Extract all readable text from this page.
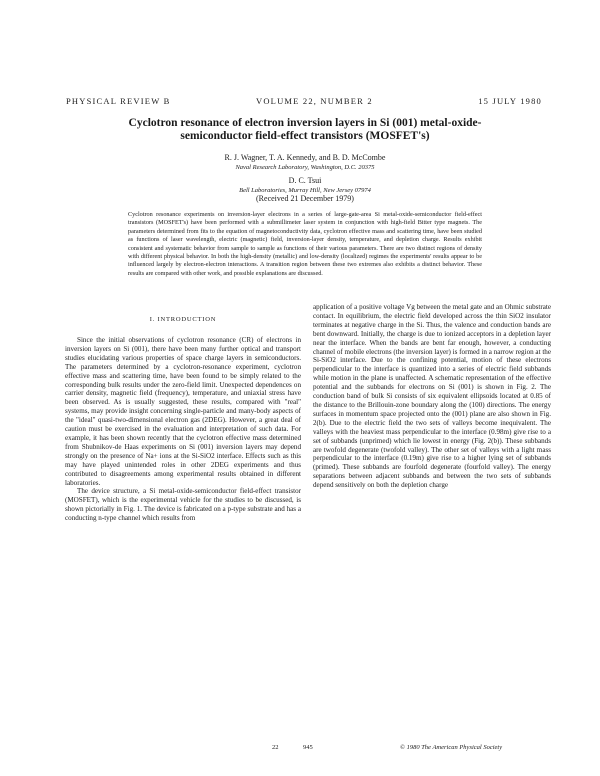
PHYSICAL REVIEW B	VOLUME 22, NUMBER 2	15 JULY 1980
Cyclotron resonance of electron inversion layers in Si (001) metal-oxide-semiconductor field-effect transistors (MOSFET's)
R. J. Wagner, T. A. Kennedy, and B. D. McCombe
Naval Research Laboratory, Washington, D.C. 20375
D. C. Tsui
Bell Laboratories, Murray Hill, New Jersey 07974
(Received 21 December 1979)
Cyclotron resonance experiments on inversion-layer electrons in a series of large-gate-area Si metal-oxide-semiconductor field-effect transistors (MOSFET's) have been performed with a submillimeter laser system in conjunction with high-field Bitter type magnets. The parameters determined from fits to the equation of magnetoconductivity data, cyclotron effective mass and scattering time, have been studied as functions of laser wavelength, electric (magnetic) field, inversion-layer density, temperature, and depletion charge. Results exhibit consistent and systematic behavior from sample to sample as functions of their various parameters. There are two distinct regions of density with different physical behavior. In both the high-density (metallic) and low-density (localized) regimes the experiments' results appear to be influenced largely by electron-electron interactions. A transition region between these two extremes also exhibits a distinct behavior. These results are compared with other work, and possible explanations are discussed.
I. INTRODUCTION

Since the initial observations of cyclotron resonance (CR) of electrons in inversion layers on Si (001), there have been many further optical and transport studies elucidating various properties of space charge layers in semiconductors. The parameters determined by a cyclotron-resonance experiment, cyclotron effective mass and scattering time, have been found to be simply related to the corresponding bulk results under the zero-field limit. Unexpected dependences on carrier density, magnetic field (frequency), temperature, and uniaxial stress have been observed. As is usually suggested, these results, compared with "real" systems, may provide insight concerning single-particle and many-body aspects of the "ideal" quasi-two-dimensional electron gas (2DEG). However, a great deal of caution must be exercised in the evaluation and interpretation of such data. For example, it has been shown recently that the cyclotron effective mass determined from Shubnikov-de Haas experiments on Si (001) inversion layers may depend strongly on the presence of Na+ ions at the Si-SiO2 interface. Effects such as this may have played unintended roles in other 2DEG experiments and thus contributed to disagreements among experimental results obtained in different laboratories.

The device structure, a Si metal-oxide-semiconductor field-effect transistor (MOSFET), which is the experimental vehicle for the studies to be discussed, is shown pictorially in Fig. 1. The device is fabricated on a p-type substrate and has a conducting n-type channel which results from

application of a positive voltage Vg between the metal gate and an Ohmic substrate contact. In equilibrium, the electric field developed across the thin SiO2 insulator terminates at negative charge in the Si. Thus, the valence and conduction bands are bent downward. Initially, the charge is due to ionized acceptors in a depletion layer near the interface. When the bands are bent far enough, however, a conducting channel of mobile electrons (the inversion layer) is formed in a narrow region at the Si-SiO2 interface. Due to the confining potential, motion of these electrons perpendicular to the interface is quantized into a series of electric field subbands while motion in the plane is unaffected. A schematic representation of the effective potential and the subbands for electrons on Si (001) is shown in Fig. 2. The conduction band of bulk Si consists of six equivalent ellipsoids located at 0.85 of the distance to the Brillouin-zone boundary along the (100) directions. The energy surfaces in momentum space projected onto the (001) plane are also shown in Fig. 2(b). Due to the electric field the two sets of valleys become inequivalent. The valleys with the heaviest mass perpendicular to the interface (0.98m) give rise to a set of subbands (unprimed) which lie lowest in energy (Fig. 2(b)). These subbands are twofold degenerate (twofold valley). The other set of valleys with a light mass perpendicular to the interface (0.19m) give rise to a higher lying set of subbands (primed). These subbands are fourfold degenerate (fourfold valley). The energy separations between adjacent subbands and between the two sets of subbands depend sensitively on both the depletion charge

22	945	© 1980 The American Physical Society
